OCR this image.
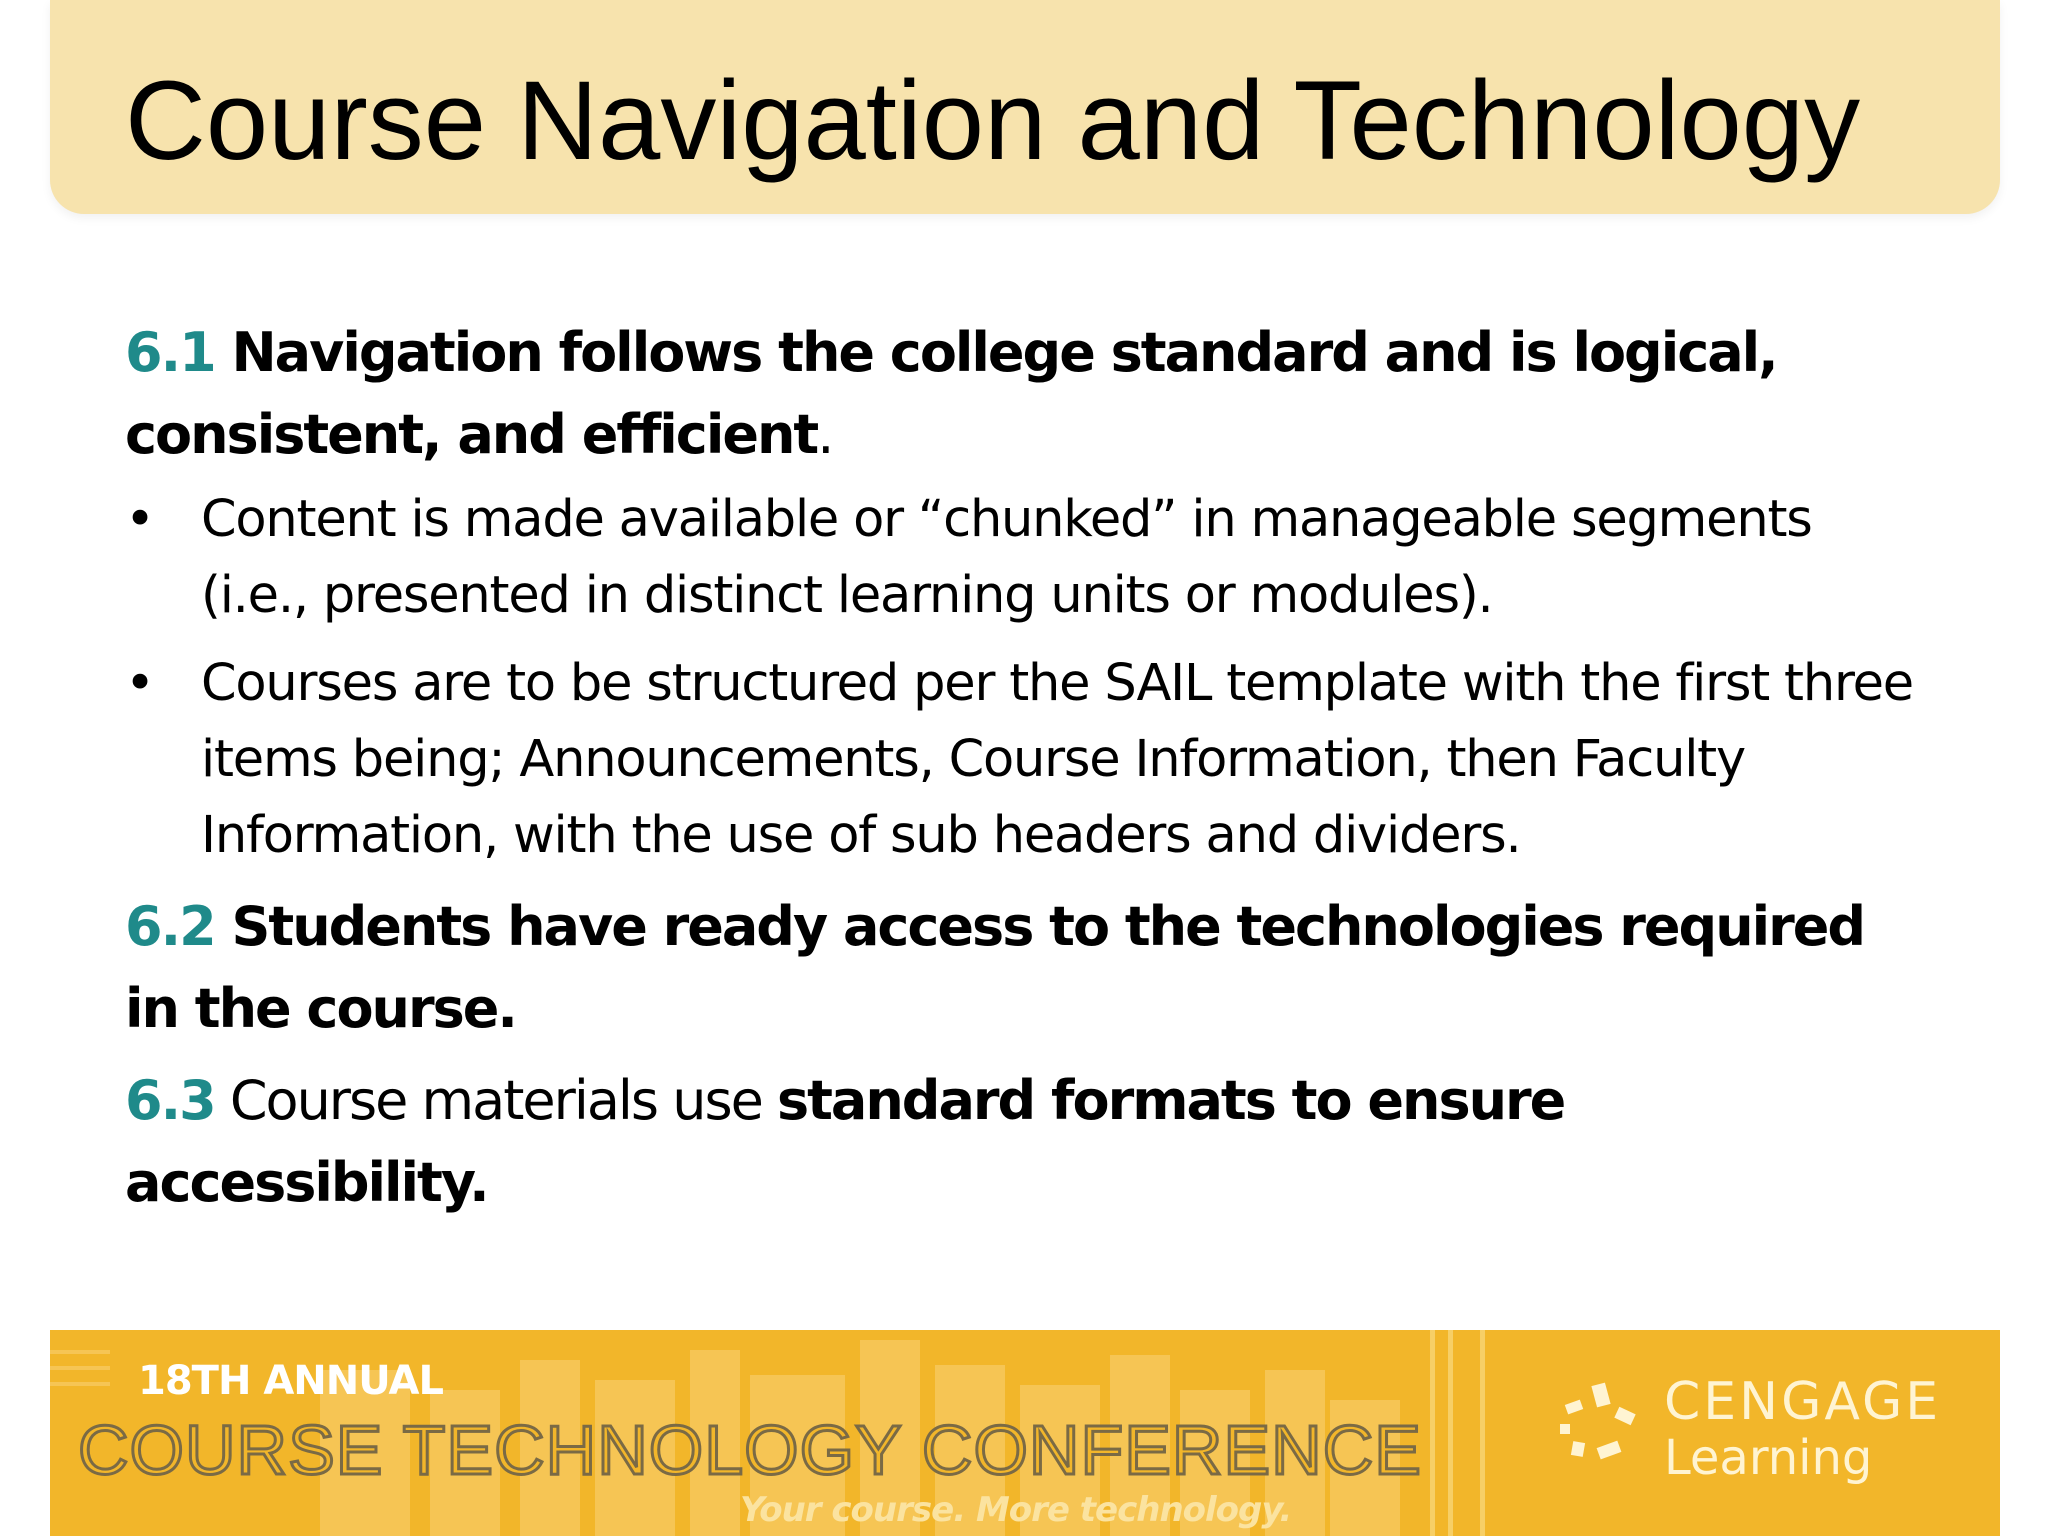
Course Navigation and Technology
6.1 Navigation follows the college standard and is logical, consistent, and efficient.
• Content is made available or “chunked” in manageable segments (i.e., presented in distinct learning units or modules).
• Courses are to be structured per the SAIL template with the first three items being; Announcements, Course Information, then Faculty Information, with the use of sub headers and dividers.
6.2 Students have ready access to the technologies required in the course.
6.3 Course materials use standard formats to ensure accessibility.
18TH ANNUAL
COURSE TECHNOLOGY CONFERENCE
Your course. More technology.
CENGAGE
Learning
